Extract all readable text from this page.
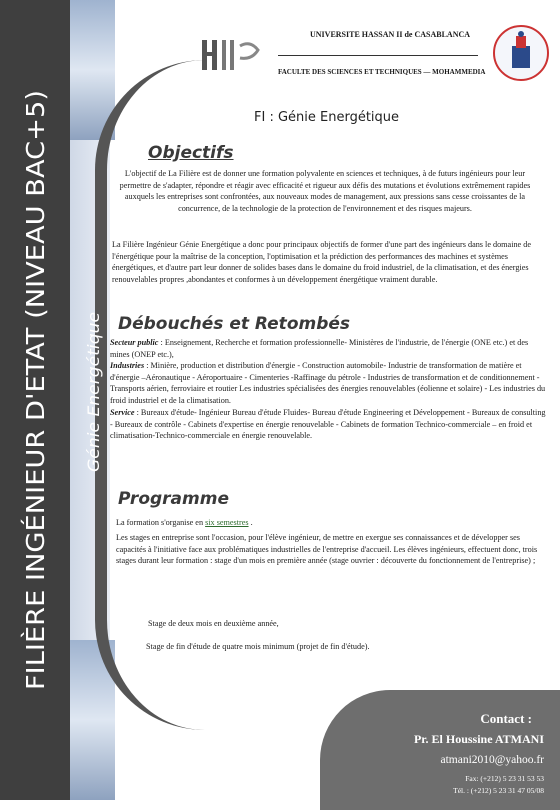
FILIÈRE INGÉNIEUR D'ETAT (NIVEAU BAC+5) Génie Energétique
UNIVERSITE HASSAN II de CASABLANCA
FACULTE DES SCIENCES ET TECHNIQUES — MOHAMMEDIA
FI : Génie Energétique
Objectifs
L'objectif de La Filière est de donner une formation polyvalente en sciences et techniques, à de futurs ingénieurs pour leur permettre de s'adapter, répondre et réagir avec efficacité et rigueur aux défis des mutations et évolutions extrêmement rapides auxquels les entreprises sont confrontées, aux nouveaux modes de management, aux pressions sans cesse croissantes de la concurrence, de la technologie de la protection de l'environnement et des risques majeurs.
La Filière Ingénieur Génie Energétique a donc pour principaux objectifs de former d'une part des ingénieurs dans le domaine de l'énergétique pour la maîtrise de la conception, l'optimisation et la prédiction des performances des machines et systèmes énergétiques, et d'autre part leur donner de solides bases dans le domaine du froid industriel, de la climatisation, et des énergies renouvelables propres ,abondantes et conformes à un développement énergétique vraiment durable.
Débouchés et Retombés
Secteur public : Enseignement, Recherche et formation professionnelle- Ministères de l'industrie, de l'énergie (ONE etc.) et des mines (ONEP etc.),
Industries : Minière, production et distribution d'énergie - Construction automobile- Industrie de transformation de matière et d'énergie –Aéronautique - Aéroportuaire - Cimenteries -Raffinage du pétrole - Industries de transformation et de conditionnement - Transports aérien, ferroviaire et routier Les industries spécialisées des énergies renouvelables (éolienne et solaire) - Les industries du froid industriel et de la climatisation.
Service : Bureaux d'étude- Ingénieur Bureau d'étude Fluides- Bureau d'étude Engineering et Développement - Bureaux de consulting - Bureaux de contrôle - Cabinets d'expertise en énergie renouvelable - Cabinets de formation Technico-commerciale – en froid et climatisation-Technico-commerciale en énergie renouvelable.
Programme
La formation s'organise en six semestres .
Les stages en entreprise sont l'occasion, pour l'élève ingénieur, de mettre en exergue ses connaissances et de développer ses capacités à l'initiative face aux problématiques industrielles de l'entreprise d'accueil. Les élèves ingénieurs, effectuent donc, trois stages durant leur formation : stage d'un mois en première année (stage ouvrier : découverte du fonctionnement de l'entreprise) ;
Stage de deux mois en deuxième année,
Stage de fin d'étude de quatre mois minimum (projet de fin d'étude).
Contact :
Pr. El Houssine ATMANI
atmani2010@yahoo.fr
Fax: (+212) 5 23 31 53 53
Tél. : (+212) 5 23 31 47 05/08
